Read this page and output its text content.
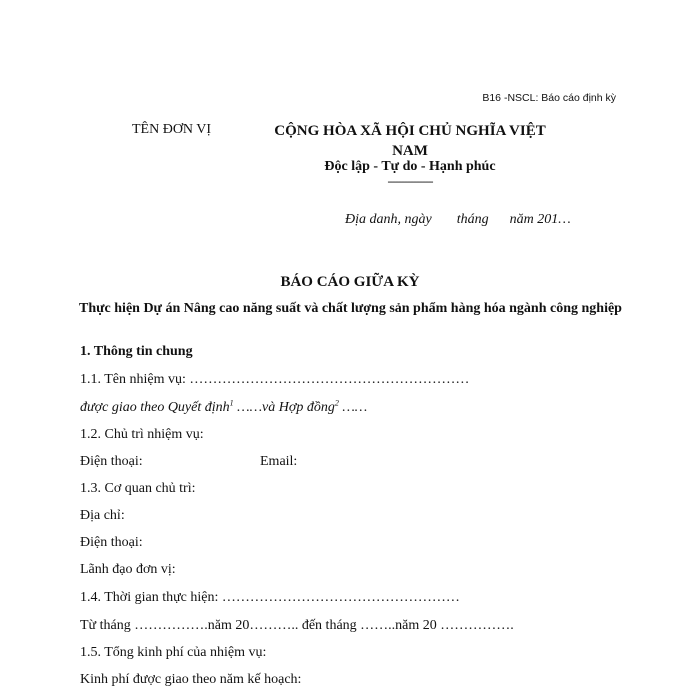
B16 -NSCL: Báo cáo định kỳ
TÊN ĐƠN VỊ	CỘNG HÒA XÃ HỘI CHỦ NGHĨA VIỆT NAM
Độc lập - Tự do - Hạnh phúc
---------------
Địa danh, ngày tháng năm 201…
BÁO CÁO GIỮA KỲ
Thực hiện Dự án Nâng cao năng suất và chất lượng sản phẩm hàng hóa ngành công nghiệp
1. Thông tin chung
1.1. Tên nhiệm vụ: ……………………………………………………
được giao theo Quyết định$^1$ ……và Hợp đồng$^2$ ……
1.2. Chủ trì nhiệm vụ:
Điện thoại:	Email:
1.3. Cơ quan chủ trì:
Địa chỉ:
Điện thoại:
Lãnh đạo đơn vị:
1.4. Thời gian thực hiện: ……………………………………………
Từ tháng …………….năm 20……….. đến tháng ……..năm 20 …………….
1.5. Tổng kinh phí của nhiệm vụ:
Kinh phí được giao theo năm kế hoạch:
